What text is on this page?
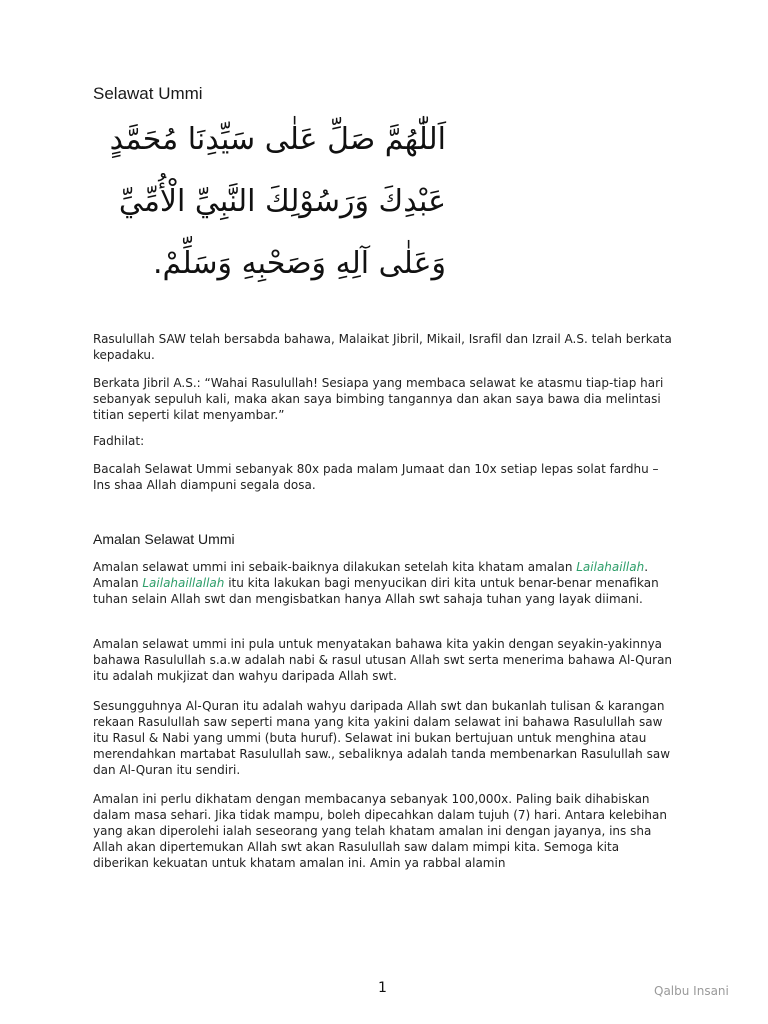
Selawat Ummi
اَللّٰهُمَّ صَلِّ عَلٰى سَيِّدِنَا مُحَمَّدٍ
عَبْدِكَ وَرَسُوْلِكَ النَّبِيِّ الْأُمِّيِّ
وَعَلٰى آلِهِ وَصَحْبِهِ وَسَلِّمْ.

Rasulullah SAW telah bersabda bahawa, Malaikat Jibril, Mikail, Israfil dan Izrail A.S. telah berkata kepadaku.

Berkata Jibril A.S.: “Wahai Rasulullah! Sesiapa yang membaca selawat ke atasmu tiap-tiap hari sebanyak sepuluh kali, maka akan saya bimbing tangannya dan akan saya bawa dia melintasi titian seperti kilat menyambar.”

Fadhilat:

Bacalah Selawat Ummi sebanyak 80x pada malam Jumaat dan 10x setiap lepas solat fardhu – Ins shaa Allah diampuni segala dosa.

Amalan Selawat Ummi

Amalan selawat ummi ini sebaik-baiknya dilakukan setelah kita khatam amalan Lailahaillah. Amalan Lailahaillallah itu kita lakukan bagi menyucikan diri kita untuk benar-benar menafikan tuhan selain Allah swt dan mengisbatkan hanya Allah swt sahaja tuhan yang layak diimani.

Amalan selawat ummi ini pula untuk menyatakan bahawa kita yakin dengan seyakin-yakinnya bahawa Rasulullah s.a.w adalah nabi & rasul utusan Allah swt serta menerima bahawa Al-Quran itu adalah mukjizat dan wahyu daripada Allah swt.

Sesungguhnya Al-Quran itu adalah wahyu daripada Allah swt dan bukanlah tulisan & karangan rekaan Rasulullah saw seperti mana yang kita yakini dalam selawat ini bahawa Rasulullah saw itu Rasul & Nabi yang ummi (buta huruf). Selawat ini bukan bertujuan untuk menghina atau merendahkan martabat Rasulullah saw., sebaliknya adalah tanda membenarkan Rasulullah saw dan Al-Quran itu sendiri.

Amalan ini perlu dikhatam dengan membacanya sebanyak 100,000x. Paling baik dihabiskan dalam masa sehari. Jika tidak mampu, boleh dipecahkan dalam tujuh (7) hari. Antara kelebihan yang akan diperolehi ialah seseorang yang telah khatam amalan ini dengan jayanya, ins sha Allah akan dipertemukan Allah swt akan Rasulullah saw dalam mimpi kita. Semoga kita diberikan kekuatan untuk khatam amalan ini. Amin ya rabbal alamin

1	Qalbu Insani
